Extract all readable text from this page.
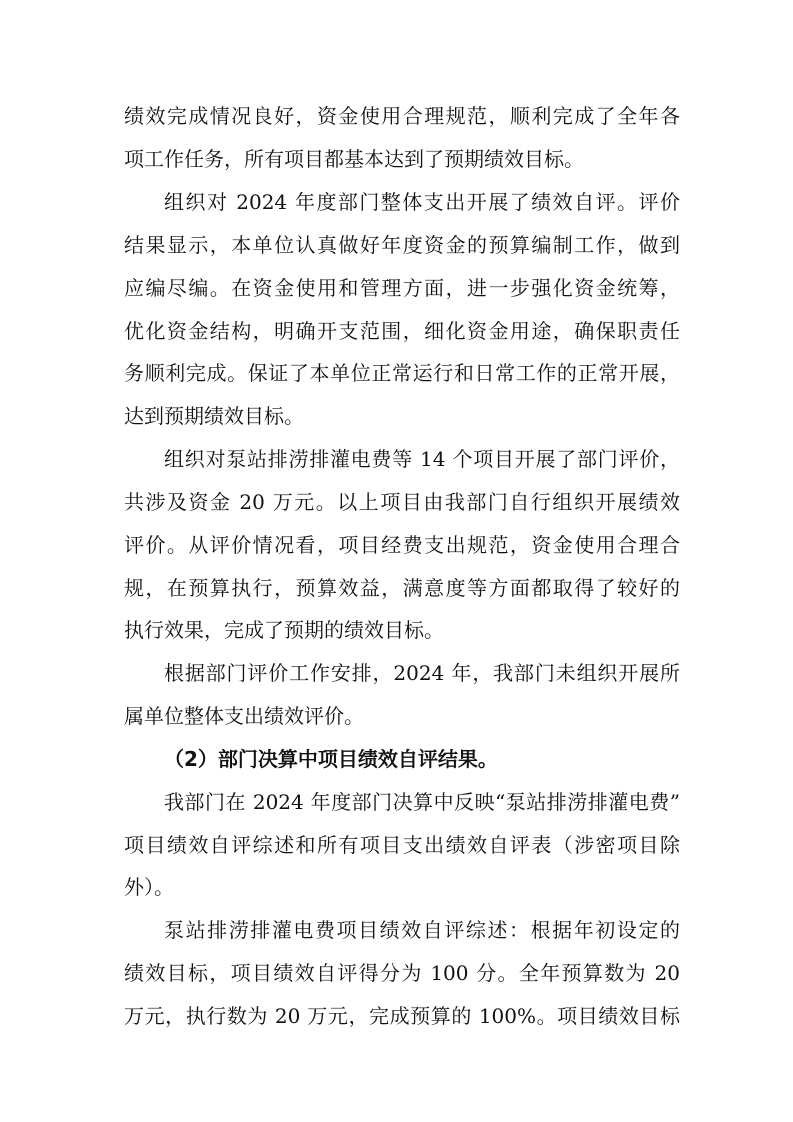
绩效完成情况良好，资金使用合理规范，顺利完成了全年各
项工作任务，所有项目都基本达到了预期绩效目标。
组织对 2024 年度部门整体支出开展了绩效自评。评价
结果显示，本单位认真做好年度资金的预算编制工作，做到
应编尽编。在资金使用和管理方面，进一步强化资金统筹，
优化资金结构，明确开支范围，细化资金用途，确保职责任
务顺利完成。保证了本单位正常运行和日常工作的正常开展，
达到预期绩效目标。
组织对泵站排涝排灌电费等 14 个项目开展了部门评价，
共涉及资金 20 万元。以上项目由我部门自行组织开展绩效
评价。从评价情况看，项目经费支出规范，资金使用合理合
规，在预算执行，预算效益，满意度等方面都取得了较好的
执行效果，完成了预期的绩效目标。
根据部门评价工作安排，2024 年，我部门未组织开展所
属单位整体支出绩效评价。
（2）部门决算中项目绩效自评结果。
我部门在 2024 年度部门决算中反映“泵站排涝排灌电费”
项目绩效自评综述和所有项目支出绩效自评表（涉密项目除
外）。
泵站排涝排灌电费项目绩效自评综述：根据年初设定的
绩效目标，项目绩效自评得分为 100 分。全年预算数为 20
万元，执行数为 20 万元，完成预算的 100%。项目绩效目标
